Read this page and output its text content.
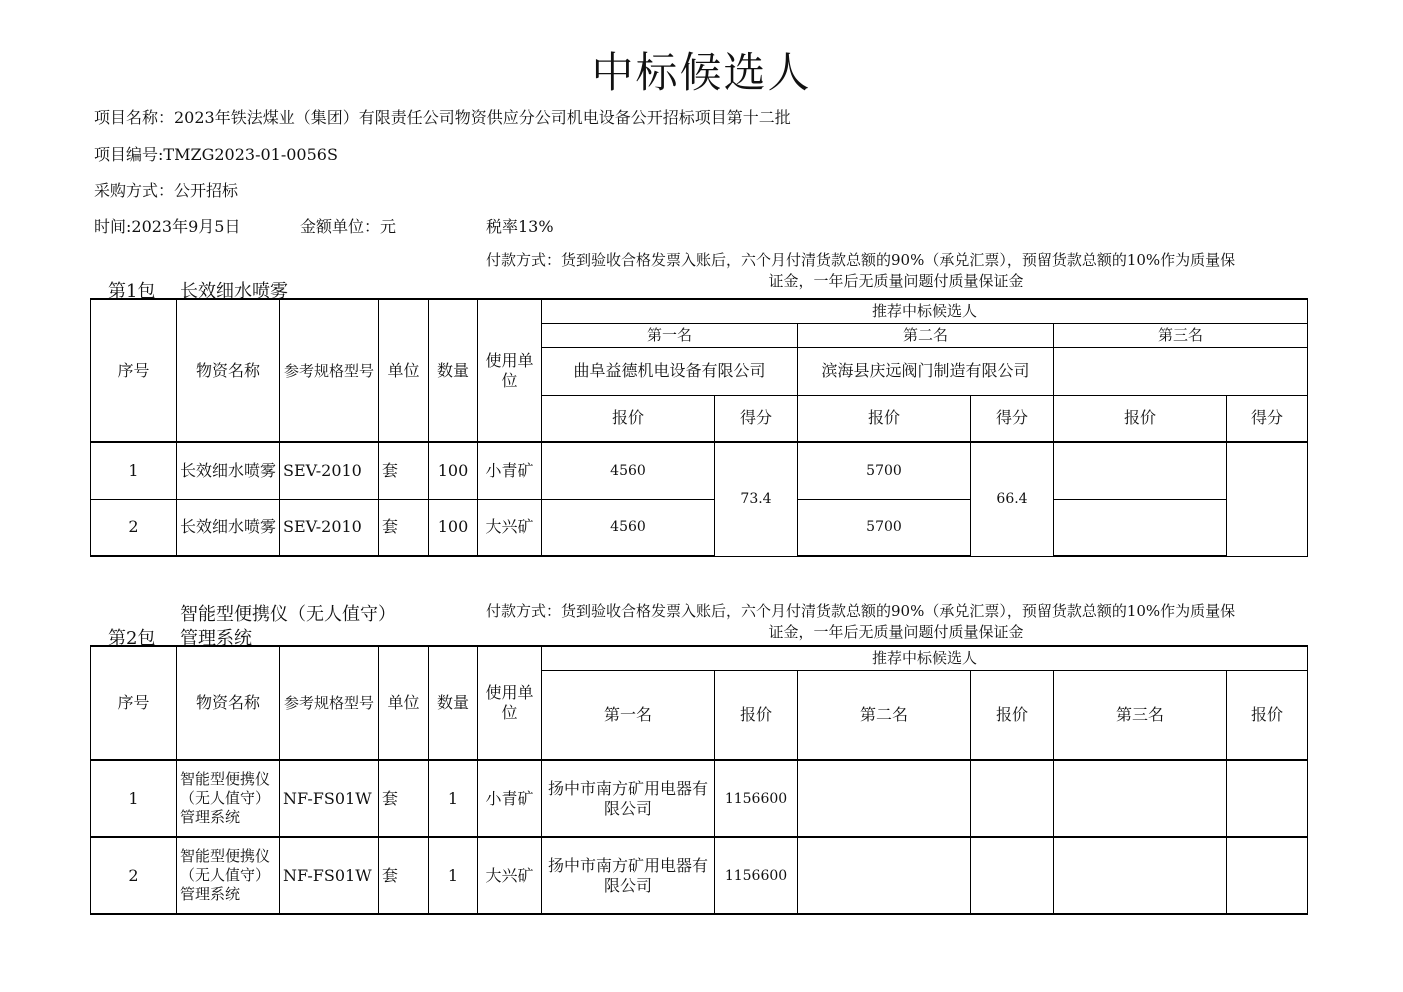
中标候选人
项目名称：2023年铁法煤业（集团）有限责任公司物资供应分公司机电设备公开招标项目第十二批
项目编号:TMZG2023-01-0056S
采购方式：公开招标
时间:2023年9月5日	金额单位：元	税率13%
付款方式：货到验收合格发票入账后，六个月付清货款总额的90%（承兑汇票），预留货款总额的10%作为质量保
证金，一年后无质量问题付质量保证金
第1包 长效细水喷雾
序号	物资名称	参考规格型号	单位	数量	使用单位	推荐中标候选人					
						第一名		第二名		第三名	
						曲阜益德机电设备有限公司		滨海县庆远阀门制造有限公司			
						报价	得分	报价	得分	报价	得分
1	长效细水喷雾	SEV-2010	套	100	小青矿	4560	73.4	5700	66.4		
2	长效细水喷雾	SEV-2010	套	100	大兴矿	4560		5700			
付款方式：货到验收合格发票入账后，六个月付清货款总额的90%（承兑汇票），预留货款总额的10%作为质量保
证金，一年后无质量问题付质量保证金
智能型便携仪（无人值守）
第2包 管理系统
序号	物资名称	参考规格型号	单位	数量	使用单位	推荐中标候选人					
						第一名	报价	第二名	报价	第三名	报价
1	智能型便携仪（无人值守）管理系统	NF-FS01W	套	1	小青矿	扬中市南方矿用电器有限公司	1156600				
2	智能型便携仪（无人值守）管理系统	NF-FS01W	套	1	大兴矿	扬中市南方矿用电器有限公司	1156600				
